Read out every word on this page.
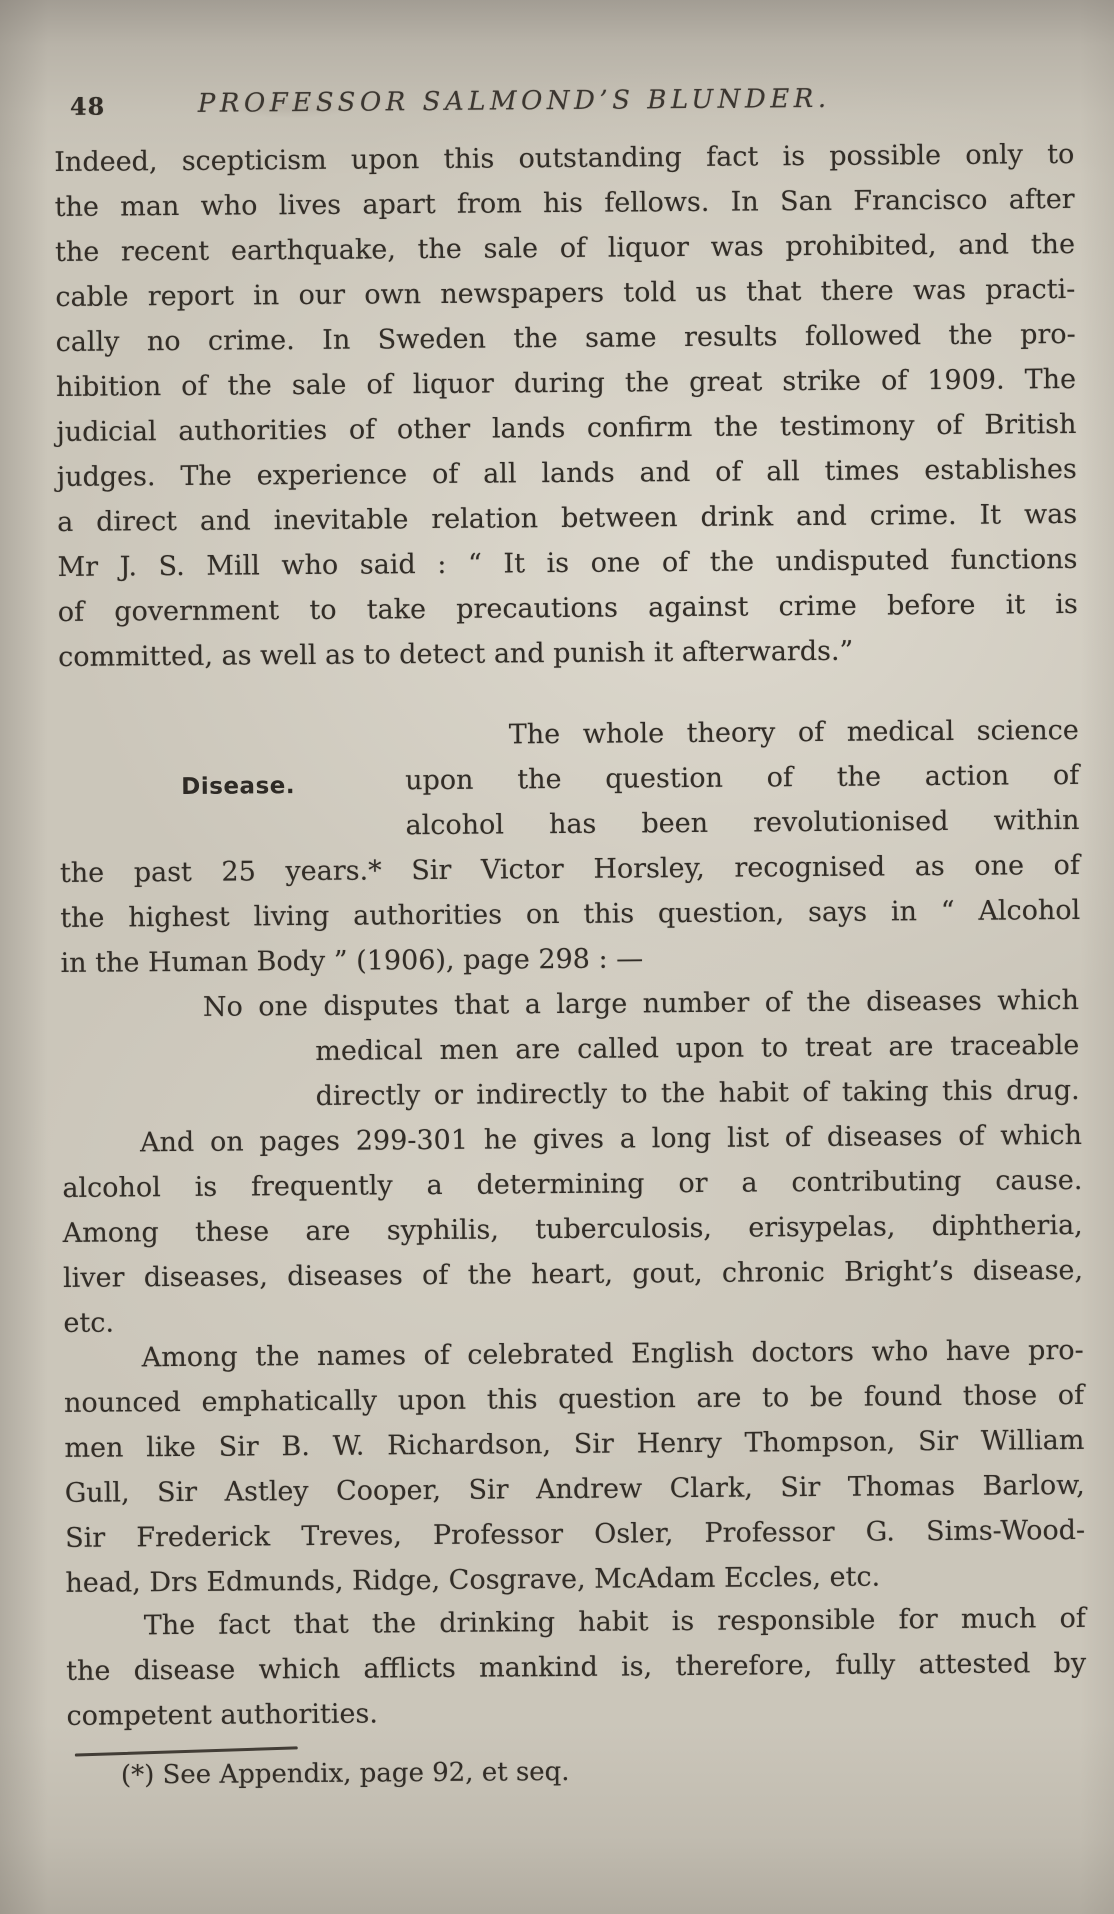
48	PROFESSOR SALMOND’S BLUNDER.
Indeed, scepticism upon this outstanding fact is possible only to
the man who lives apart from his fellows. In San Francisco after
the recent earthquake, the sale of liquor was prohibited, and the
cable report in our own newspapers told us that there was practi-
cally no crime. In Sweden the same results followed the pro-
hibition of the sale of liquor during the great strike of 1909. The
judicial authorities of other lands confirm the testimony of British
judges. The experience of all lands and of all times establishes
a direct and inevitable relation between drink and crime. It was
Mr J. S. Mill who said : “ It is one of the undisputed functions
of government to take precautions against crime before it is
committed, as well as to detect and punish it afterwards.”
Disease.
The whole theory of medical science
upon the question of the action of
alcohol has been revolutionised within
the past 25 years.* Sir Victor Horsley, recognised as one of
the highest living authorities on this question, says in “ Alcohol
in the Human Body ” (1906), page 298 : —
No one disputes that a large number of the diseases which
medical men are called upon to treat are traceable
directly or indirectly to the habit of taking this drug.
And on pages 299-301 he gives a long list of diseases of which
alcohol is frequently a determining or a contributing cause.
Among these are syphilis, tuberculosis, erisypelas, diphtheria,
liver diseases, diseases of the heart, gout, chronic Bright’s disease,
etc.
Among the names of celebrated English doctors who have pro-
nounced emphatically upon this question are to be found those of
men like Sir B. W. Richardson, Sir Henry Thompson, Sir William
Gull, Sir Astley Cooper, Sir Andrew Clark, Sir Thomas Barlow,
Sir Frederick Treves, Professor Osler, Professor G. Sims-Wood-
head, Drs Edmunds, Ridge, Cosgrave, McAdam Eccles, etc.
The fact that the drinking habit is responsible for much of
the disease which afflicts mankind is, therefore, fully attested by
competent authorities.
(*) See Appendix, page 92, et seq.
